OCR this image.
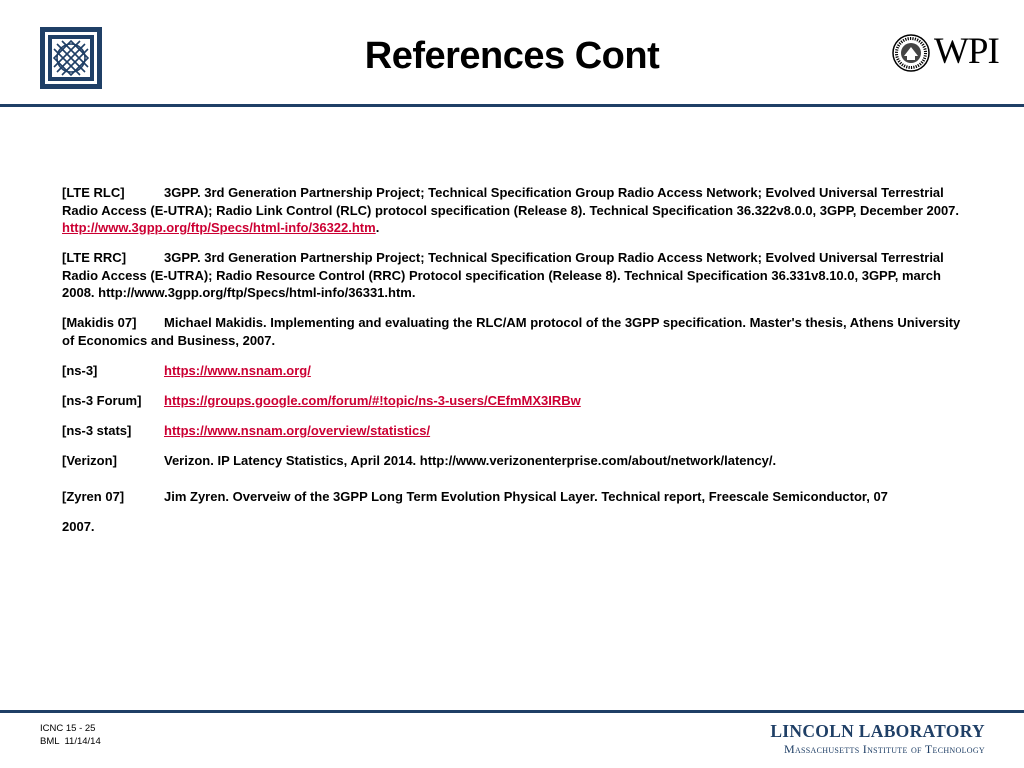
References Cont	WPI
[LTE RLC]	3GPP. 3rd Generation Partnership Project; Technical Specification Group Radio Access Network; Evolved Universal Terrestrial Radio Access (E-UTRA); Radio Link Control (RLC) protocol specification (Release 8). Technical Specification 36.322v8.0.0, 3GPP, December 2007. http://www.3gpp.org/ftp/Specs/html-info/36322.htm.
[LTE RRC]	3GPP. 3rd Generation Partnership Project; Technical Specification Group Radio Access Network; Evolved Universal Terrestrial Radio Access (E-UTRA); Radio Resource Control (RRC) Protocol specification (Release 8). Technical Specification 36.331v8.10.0, 3GPP, march 2008. http://www.3gpp.org/ftp/Specs/html-info/36331.htm.
[Makidis 07] Michael Makidis. Implementing and evaluating the RLC/AM protocol of the 3GPP specification. Master's thesis, Athens University of Economics and Business, 2007.
[ns-3]	https://www.nsnam.org/
[ns-3 Forum]	https://groups.google.com/forum/#!topic/ns-3-users/CEfmMX3IRBw
[ns-3 stats]	https://www.nsnam.org/overview/statistics/
[Verizon]	Verizon. IP Latency Statistics, April 2014. http://www.verizonenterprise.com/about/network/latency/.
[Zyren 07]	Jim Zyren. Overveiw of the 3GPP Long Term Evolution Physical Layer. Technical report, Freescale Semiconductor, 07
2007.
ICNC 15 - 25
BML  11/14/14
LINCOLN LABORATORY
Massachusetts Institute of Technology
